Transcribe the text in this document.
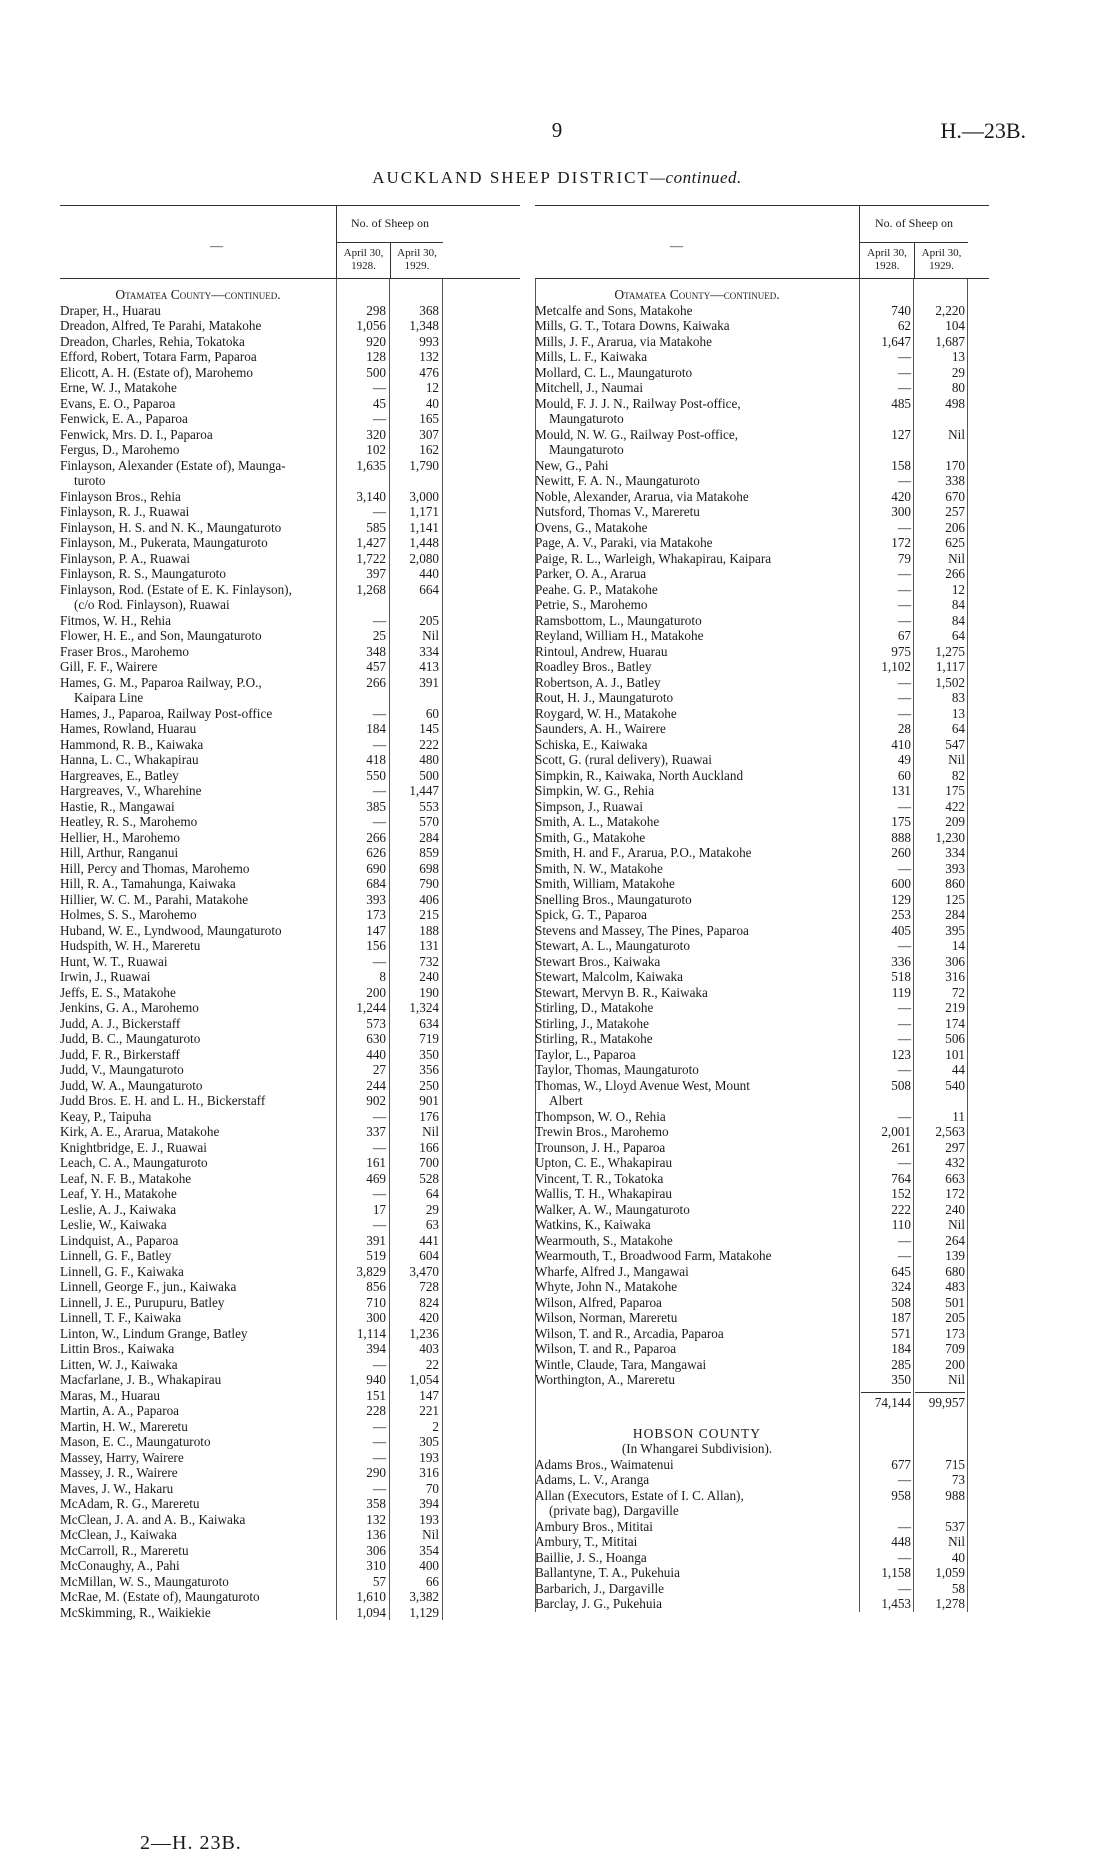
9	H.—23B.
AUCKLAND SHEEP DISTRICT—continued.
—
No. of Sheep on
April 30, 1928.
April 30, 1929.
Otamatea County—continued.
Draper, H., Huarau	298	368
Dreadon, Alfred, Te Parahi, Matakohe	1,056	1,348
Dreadon, Charles, Rehia, Tokatoka	920	993
Efford, Robert, Totara Farm, Paparoa	128	132
Elicott, A. H. (Estate of), Marohemo	500	476
Erne, W. J., Matakohe	—	12
Evans, E. O., Paparoa	45	40
Fenwick, E. A., Paparoa	—	165
Fenwick, Mrs. D. I., Paparoa	320	307
Fergus, D., Marohemo	102	162
Finlayson, Alexander (Estate of), Maunga-	1,635	1,790
turoto
Finlayson Bros., Rehia	3,140	3,000
Finlayson, R. J., Ruawai	—	1,171
Finlayson, H. S. and N. K., Maungaturoto	585	1,141
Finlayson, M., Pukerata, Maungaturoto	1,427	1,448
Finlayson, P. A., Ruawai	1,722	2,080
Finlayson, R. S., Maungaturoto	397	440
Finlayson, Rod. (Estate of E. K. Finlayson),	1,268	664
(c/o Rod. Finlayson), Ruawai
Fitmos, W. H., Rehia	—	205
Flower, H. E., and Son, Maungaturoto	25	Nil
Fraser Bros., Marohemo	348	334
Gill, F. F., Wairere	457	413
Hames, G. M., Paparoa Railway, P.O.,	266	391
Kaipara Line
Hames, J., Paparoa, Railway Post-office	—	60
Hames, Rowland, Huarau	184	145
Hammond, R. B., Kaiwaka	—	222
Hanna, L. C., Whakapirau	418	480
Hargreaves, E., Batley	550	500
Hargreaves, V., Wharehine	—	1,447
Hastie, R., Mangawai	385	553
Heatley, R. S., Marohemo	—	570
Hellier, H., Marohemo	266	284
Hill, Arthur, Ranganui	626	859
Hill, Percy and Thomas, Marohemo	690	698
Hill, R. A., Tamahunga, Kaiwaka	684	790
Hillier, W. C. M., Parahi, Matakohe	393	406
Holmes, S. S., Marohemo	173	215
Huband, W. E., Lyndwood, Maungaturoto	147	188
Hudspith, W. H., Mareretu	156	131
Hunt, W. T., Ruawai	—	732
Irwin, J., Ruawai	8	240
Jeffs, E. S., Matakohe	200	190
Jenkins, G. A., Marohemo	1,244	1,324
Judd, A. J., Bickerstaff	573	634
Judd, B. C., Maungaturoto	630	719
Judd, F. R., Birkerstaff	440	350
Judd, V., Maungaturoto	27	356
Judd, W. A., Maungaturoto	244	250
Judd Bros. E. H. and L. H., Bickerstaff	902	901
Keay, P., Taipuha	—	176
Kirk, A. E., Ararua, Matakohe	337	Nil
Knightbridge, E. J., Ruawai	—	166
Leach, C. A., Maungaturoto	161	700
Leaf, N. F. B., Matakohe	469	528
Leaf, Y. H., Matakohe	—	64
Leslie, A. J., Kaiwaka	17	29
Leslie, W., Kaiwaka	—	63
Lindquist, A., Paparoa	391	441
Linnell, G. F., Batley	519	604
Linnell, G. F., Kaiwaka	3,829	3,470
Linnell, George F., jun., Kaiwaka	856	728
Linnell, J. E., Purupuru, Batley	710	824
Linnell, T. F., Kaiwaka	300	420
Linton, W., Lindum Grange, Batley	1,114	1,236
Littin Bros., Kaiwaka	394	403
Litten, W. J., Kaiwaka	—	22
Macfarlane, J. B., Whakapirau	940	1,054
Maras, M., Huarau	151	147
Martin, A. A., Paparoa	228	221
Martin, H. W., Mareretu	—	2
Mason, E. C., Maungaturoto	—	305
Massey, Harry, Wairere	—	193
Massey, J. R., Wairere	290	316
Maves, J. W., Hakaru	—	70
McAdam, R. G., Mareretu	358	394
McClean, J. A. and A. B., Kaiwaka	132	193
McClean, J., Kaiwaka	136	Nil
McCarroll, R., Mareretu	306	354
McConaughy, A., Pahi	310	400
McMillan, W. S., Maungaturoto	57	66
McRae, M. (Estate of), Maungaturoto	1,610	3,382
McSkimming, R., Waikiekie	1,094	1,129
—
No. of Sheep on
April 30, 1928.
April 30, 1929.
Otamatea County—continued.
Metcalfe and Sons, Matakohe	740	2,220
Mills, G. T., Totara Downs, Kaiwaka	62	104
Mills, J. F., Ararua, via Matakohe	1,647	1,687
Mills, L. F., Kaiwaka	—	13
Mollard, C. L., Maungaturoto	—	29
Mitchell, J., Naumai	—	80
Mould, F. J. J. N., Railway Post-office,	485	498
Maungaturoto
Mould, N. W. G., Railway Post-office,	127	Nil
Maungaturoto
New, G., Pahi	158	170
Newitt, F. A. N., Maungaturoto	—	338
Noble, Alexander, Ararua, via Matakohe	420	670
Nutsford, Thomas V., Mareretu	300	257
Ovens, G., Matakohe	—	206
Page, A. V., Paraki, via Matakohe	172	625
Paige, R. L., Warleigh, Whakapirau, Kaipara	79	Nil
Parker, O. A., Ararua	—	266
Peahe. G. P., Matakohe	—	12
Petrie, S., Marohemo	—	84
Ramsbottom, L., Maungaturoto	—	84
Reyland, William H., Matakohe	67	64
Rintoul, Andrew, Huarau	975	1,275
Roadley Bros., Batley	1,102	1,117
Robertson, A. J., Batley	—	1,502
Rout, H. J., Maungaturoto	—	83
Roygard, W. H., Matakohe	—	13
Saunders, A. H., Wairere	28	64
Schiska, E., Kaiwaka	410	547
Scott, G. (rural delivery), Ruawai	49	Nil
Simpkin, R., Kaiwaka, North Auckland	60	82
Simpkin, W. G., Rehia	131	175
Simpson, J., Ruawai	—	422
Smith, A. L., Matakohe	175	209
Smith, G., Matakohe	888	1,230
Smith, H. and F., Ararua, P.O., Matakohe	260	334
Smith, N. W., Matakohe	—	393
Smith, William, Matakohe	600	860
Snelling Bros., Maungaturoto	129	125
Spick, G. T., Paparoa	253	284
Stevens and Massey, The Pines, Paparoa	405	395
Stewart, A. L., Maungaturoto	—	14
Stewart Bros., Kaiwaka	336	306
Stewart, Malcolm, Kaiwaka	518	316
Stewart, Mervyn B. R., Kaiwaka	119	72
Stirling, D., Matakohe	—	219
Stirling, J., Matakohe	—	174
Stirling, R., Matakohe	—	506
Taylor, L., Paparoa	123	101
Taylor, Thomas, Maungaturoto	—	44
Thomas, W., Lloyd Avenue West, Mount	508	540
Albert
Thompson, W. O., Rehia	—	11
Trewin Bros., Marohemo	2,001	2,563
Trounson, J. H., Paparoa	261	297
Upton, C. E., Whakapirau	—	432
Vincent, T. R., Tokatoka	764	663
Wallis, T. H., Whakapirau	152	172
Walker, A. W., Maungaturoto	222	240
Watkins, K., Kaiwaka	110	Nil
Wearmouth, S., Matakohe	—	264
Wearmouth, T., Broadwood Farm, Matakohe	—	139
Wharfe, Alfred J., Mangawai	645	680
Whyte, John N., Matakohe	324	483
Wilson, Alfred, Paparoa	508	501
Wilson, Norman, Mareretu	187	205
Wilson, T. and R., Arcadia, Paparoa	571	173
Wilson, T. and R., Paparoa	184	709
Wintle, Claude, Tara, Mangawai	285	200
Worthington, A., Mareretu	350	Nil
74,144	99,957
HOBSON COUNTY
(In Whangarei Subdivision).
Adams Bros., Waimatenui	677	715
Adams, L. V., Aranga	—	73
Allan (Executors, Estate of I. C. Allan),	958	988
(private bag), Dargaville
Ambury Bros., Mititai	—	537
Ambury, T., Mititai	448	Nil
Baillie, J. S., Hoanga	—	40
Ballantyne, T. A., Pukehuia	1,158	1,059
Barbarich, J., Dargaville	—	58
Barclay, J. G., Pukehuia	1,453	1,278
2—H. 23B.
